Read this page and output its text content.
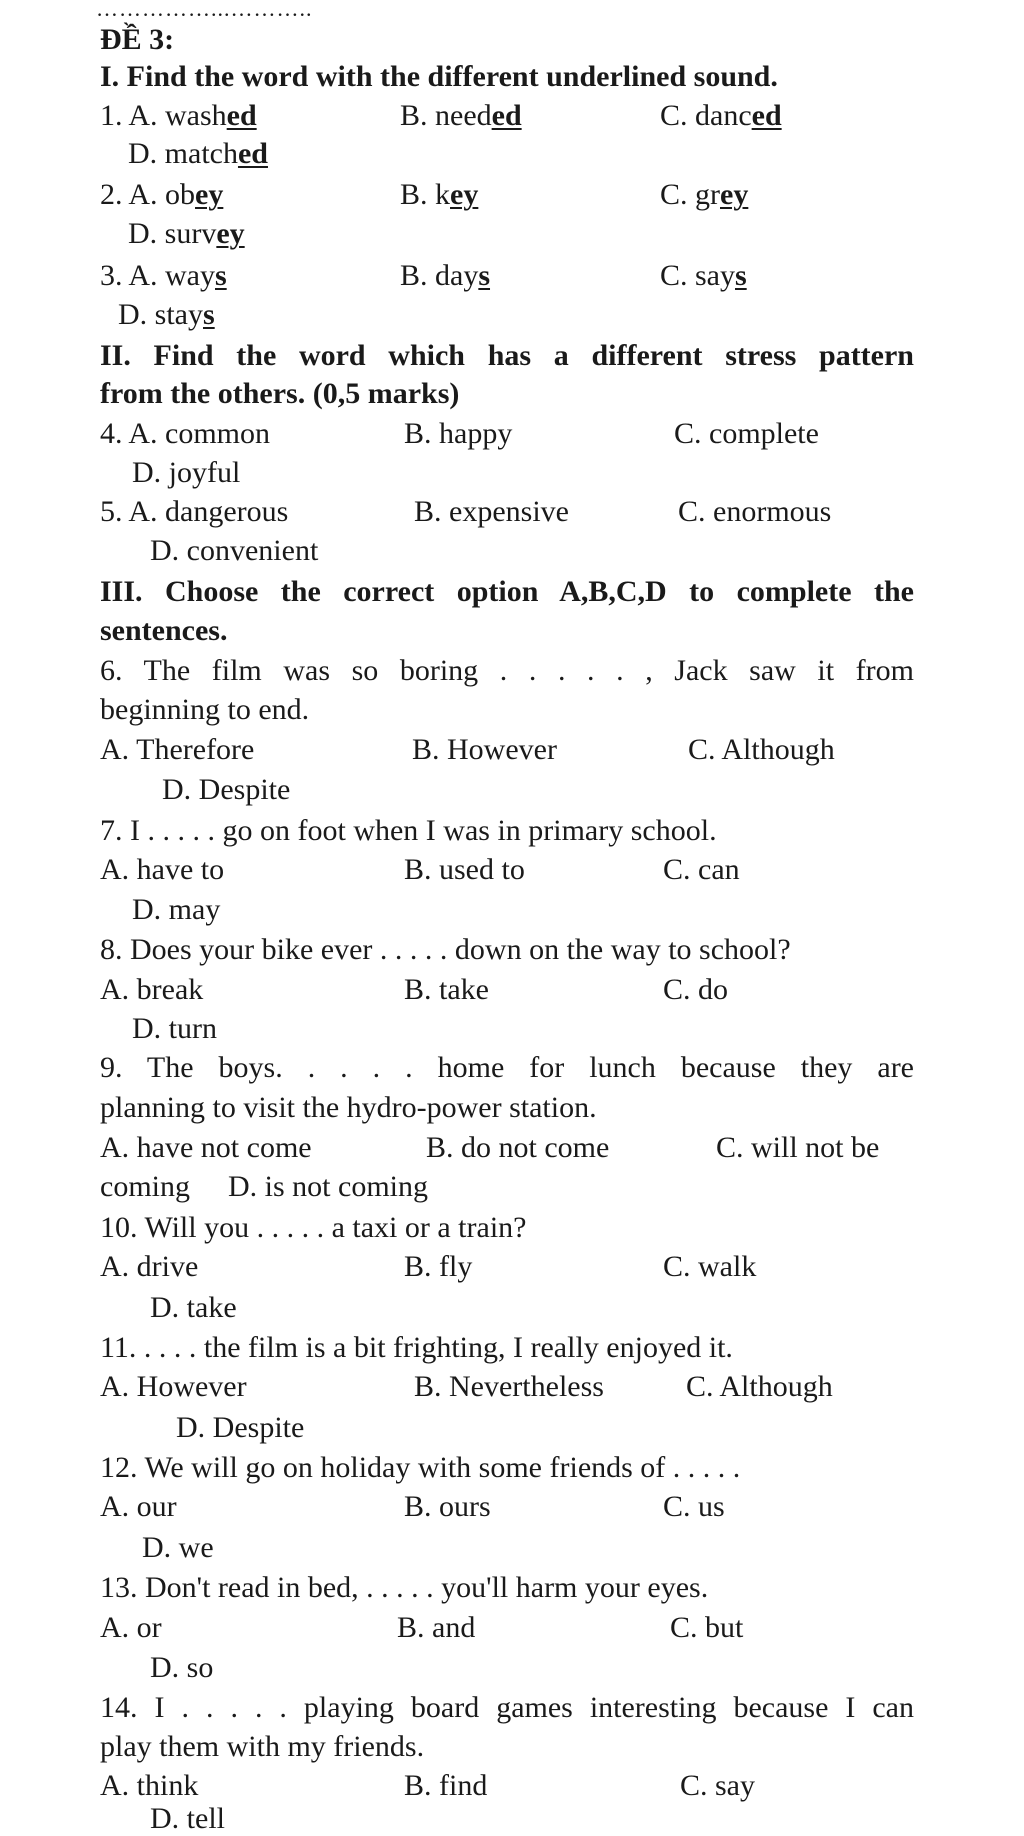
……………...………..
ĐỀ 3:
I. Find the word with the different underlined sound.
1. A. washed	B. needed	C. danced
D. matched
2. A. obey	B. key	C. grey
D. survey
3. A. ways	B. days	C. says
D. stays
II. Find the word which has a different stress pattern
from the others. (0,5 marks)
4. A. common	B. happy	C. complete
D. joyful
5. A. dangerous	B. expensive	C. enormous
D. convenient
III. Choose the correct option A,B,C,D to complete the
sentences.
6. The film was so boring . . . . . , Jack saw it from
beginning to end.
A. Therefore	B. However	C. Although
D. Despite
7. I . . . . . go on foot when I was in primary school.
A. have to	B. used to	C. can
D. may
8. Does your bike ever . . . . . down on the way to school?
A. break	B. take	C. do
D. turn
9. The boys. . . . . home for lunch because they are
planning to visit the hydro-power station.
A. have not come	B. do not come	C. will not be
coming D. is not coming
10. Will you . . . . . a taxi or a train?
A. drive	B. fly	C. walk
D. take
11. . . . . the film is a bit frighting, I really enjoyed it.
A. However	B. Nevertheless	C. Although
D. Despite
12. We will go on holiday with some friends of . . . . .
A. our	B. ours	C. us
D. we
13. Don't read in bed, . . . . . you'll harm your eyes.
A. or	B. and	C. but
D. so
14. I . . . . . playing board games interesting because I can
play them with my friends.
A. think	B. find	C. say
D. tell
